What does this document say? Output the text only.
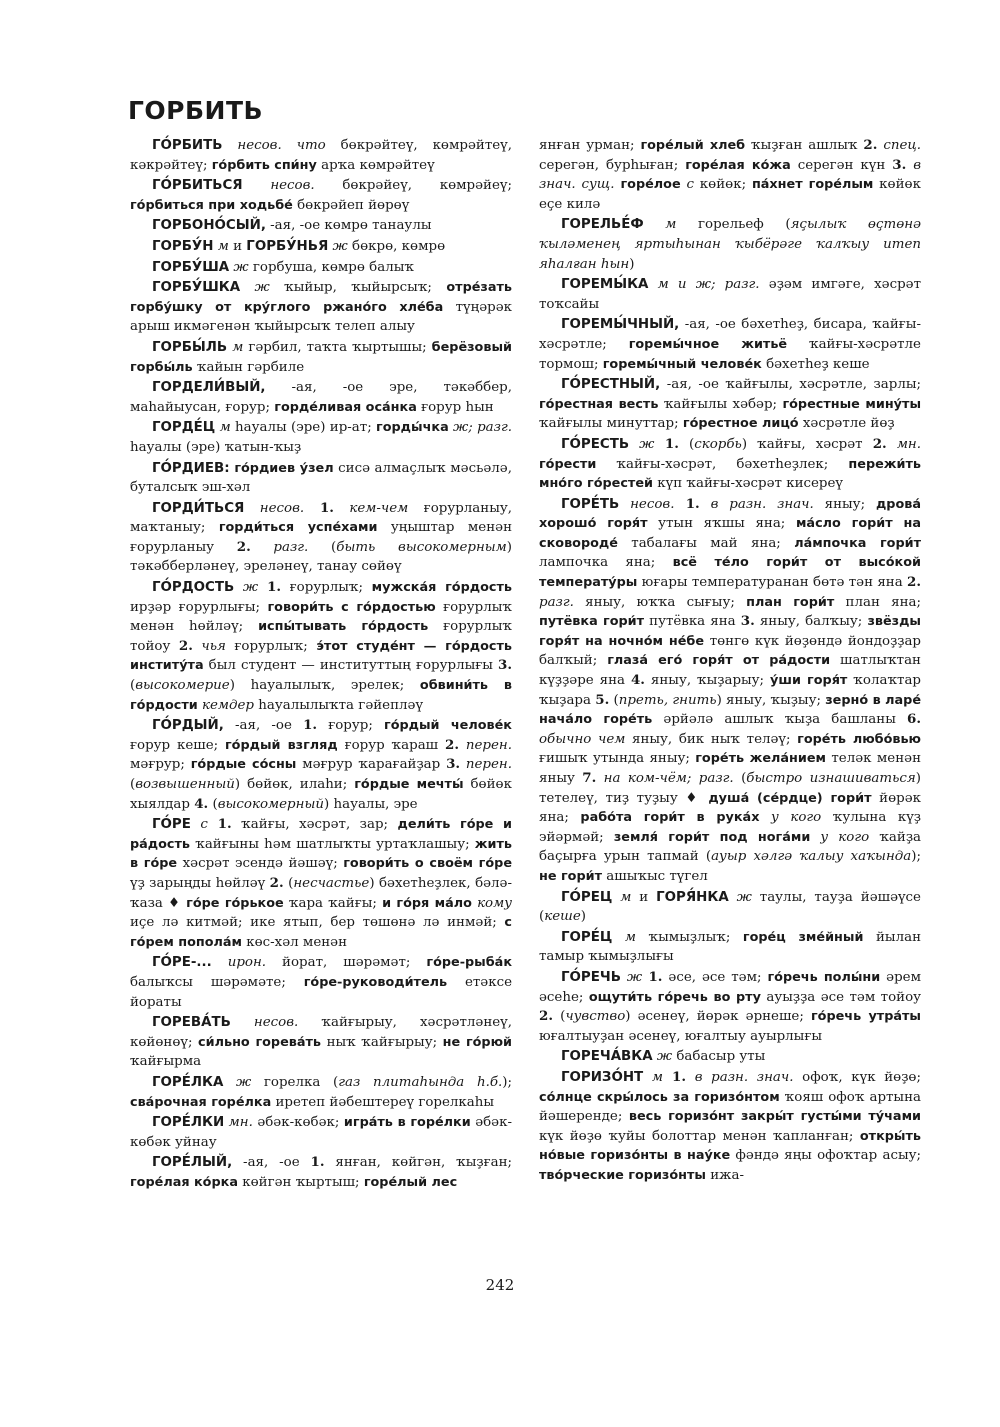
ГОРБИТЬ

ГО́РБИТЬ несов. что бөкрәйтеү, көмрәйтеү, кәкрәйтеү; го́рбить спи́ну арҡа көмрәйтеү

ГО́РБИТЬСЯ несов. бөкрәйеү, көмрәйеү; го́рбиться при ходьбе́ бөкрәйеп йөрөү

ГОРБОНО́СЫЙ, -ая, -ое көмрө танаулы

ГОРБУ́Н м и ГОРБУ́НЬЯ ж бөкрө, көмрө

ГОРБУ́ША ж горбуша, көмрө балыҡ

ГОРБУ́ШКА ж ҡыйыр, ҡыйырсыҡ; отре́зать горбу́шку от кру́глого ржано́го хле́ба түңәрәк арыш икмәгенән ҡыйырсыҡ телеп алыу

ГОРБЫ́ЛЬ м гәрбил, таҡта ҡыртышы; берёзовый горбы́ль ҡайын гәрбиле

ГОРДЕЛИ́ВЫЙ, -ая, -ое эре, тәкәббер, маһайыусан, ғорур; горде́ливая оса́нка ғорур һын

ГОРДЕ́Ц м һауалы (эре) ир-ат; горды́чка ж; разг. һауалы (эре) ҡатын-ҡыҙ

ГО́РДИЕВ: го́рдиев у́зел сисә алмаҫлыҡ мәсьәлә, буталсыҡ эш-хәл

ГОРДИ́ТЬСЯ несов. 1. кем-чем ғорурланыу, маҡтаныу; горди́ться успе́хами уңыштар менән ғорурланыу 2. разг. (быть высокомерным) тәкәбберләнеү, эреләнеү, танау сөйөү

ГО́РДОСТЬ ж 1. ғорурлыҡ; мужска́я го́рдость ирҙәр ғорурлығы; говори́ть с го́рдостью ғорурлыҡ менән һөйләү; испы́тывать го́рдость ғорурлыҡ тойоу 2. чья ғорурлыҡ; э́тот студе́нт — го́рдость институ́та был студент — институттың ғорурлығы 3. (высокомерие) һауалылыҡ, эрелек; обвини́ть в го́рдости кемдер һауалылыҡта гәйепләү

ГО́РДЫЙ, -ая, -ое 1. ғорур; го́рдый челове́к ғорур кеше; го́рдый взгляд ғорур ҡараш 2. перен. мәғрур; го́рдые со́сны мәғрур ҡарағайҙар 3. перен. (возвышенный) бөйөк, илаһи; го́рдые мечты́ бөйөк хыялдар 4. (высокомерный) һауалы, эре

ГО́РЕ с 1. ҡайғы, хәсрәт, зар; дели́ть го́ре и ра́дость ҡайғыны һәм шатлыҡты уртаҡлашыу; жить в го́ре хәсрәт эсендә йәшәү; говори́ть о своём го́ре үҙ зарыңды һөйләү 2. (несчастье) бәхетһеҙлек, бәлә-ҡаза ♦ го́ре го́рькое ҡара ҡайғы; и го́ря ма́ло кому иҫе лә китмәй; ике ятып, бер төшөнә лә инмәй; с го́рем попола́м көс-хәл менән

ГО́РЕ-... ирон. йорат, шәрәмәт; го́ре-рыба́к балыҡсы шәрәмәте; го́ре-руководи́тель етәксе йораты

ГОРЕВА́ТЬ несов. ҡайғырыу, хәсрәтләнеү, көйөнөү; си́льно горева́ть ныҡ ҡайғырыу; не го́рюй ҡайғырма

ГОРЕ́ЛКА ж горелка (газ плитаһында һ.б.); сва́рочная горе́лка иретеп йәбештереү горелкаһы

ГОРЕ́ЛКИ мн. әбәк-көбәк; игра́ть в горе́лки әбәк-көбәк уйнау

ГОРЕ́ЛЫЙ, -ая, -ое 1. янған, көйгән, ҡыҙған; горе́лая ко́рка көйгән ҡыртыш; горе́лый лес

янған урман; горе́лый хлеб ҡыҙған ашлыҡ 2. спец. серегән, бурһыған; горе́лая ко́жа серегән күн 3. в знач. сущ. горе́лое с көйөк; па́хнет горе́лым көйөк еҫе килә

ГОРЕЛЬЕ́Ф м горельеф (яҫылыҡ өҫтөнә ҡыләменең яртыһынан ҡыбёрәге ҡалҡыу итеп яһалған һын)

ГОРЕМЫ́КА м и ж; разг. әҙәм имгәге, хәсрәт тоҡсайы

ГОРЕМЫ́ЧНЫЙ, -ая, -ое бәхетһеҙ, бисара, ҡайғы-хәсрәтле; горемы́чное житьё ҡайғы-хәсрәтле тормош; горемы́чный челове́к бәхетһеҙ кеше

ГО́РЕСТНЫЙ, -ая, -ое ҡайғылы, хәсрәтле, зарлы; го́рестная весть ҡайғылы хәбәр; го́рестные мину́ты ҡайғылы минуттар; го́рестное лицо́ хәсрәтле йөҙ

ГО́РЕСТЬ ж 1. (скорбь) ҡайғы, хәсрәт 2. мн. го́рести ҡайғы-хәсрәт, бәхетһеҙлек; пережи́ть мно́го го́рестей күп ҡайғы-хәсрәт кисереү

ГОРЕ́ТЬ несов. 1. в разн. знач. яныу; дрова́ хорошо́ горя́т утын яҡшы яна; ма́сло гори́т на сковороде́ табалағы май яна; ла́мпочка гори́т лампочка яна; всё те́ло гори́т от высо́кой температу́ры юғары температуранан бөтә тән яна 2. разг. яныу, юҡҡа сығыу; план гори́т план яна; путёвка гори́т путёвка яна 3. яныу, балҡыу; звёзды горя́т на ночно́м не́бе төнгө күк йөҙөндә йондоҙҙар балҡый; глаза́ его́ горя́т от ра́дости шатлыҡтан күҙҙәре яна 4. яныу, ҡыҙарыу; у́ши горя́т ҡолаҡтар ҡыҙара 5. (преть, гнить) яныу, ҡыҙыу; зерно́ в ларе́ нача́ло горе́ть әрйәлә ашлыҡ ҡыҙа башланы 6. обычно чем яныу, бик ныҡ теләү; горе́ть любо́вью ғишыҡ утында яныу; горе́ть жела́нием теләк менән яныу 7. на ком-чём; разг. (быстро изнашиваться) тетелеү, тиҙ туҙыу ♦ душа́ (се́рдце) гори́т йөрәк яна; рабо́та гори́т в рука́х у кого ҡулына күҙ эйәрмәй; земля́ гори́т под нога́ми у кого ҡайҙа баҫырға урын тапмай (ауыр хәлгә ҡалыу хаҡында); не гори́т ашыҡыс түгел

ГО́РЕЦ м и ГОРЯ́НКА ж таулы, тауҙа йәшәүсе (кеше)

ГОРЕ́Ц м ҡымыҙлыҡ; горе́ц зме́йный йылан тамыр ҡымыҙлығы

ГО́РЕЧЬ ж 1. әсе, әсе тәм; го́речь полы́ни әрем әсеhе; ощути́ть го́речь во рту ауыҙҙа әсе тәм тойоу 2. (чувство) әсенеү, йөрәк әрнеше; го́речь утра́ты юғалтыуҙан әсенеү, юғалтыу ауырлығы

ГОРЕЧА́ВКА ж бабасыр уты

ГОРИЗО́НТ м 1. в разн. знач. офоҡ, күк йөҙө; со́лнце скры́лось за горизо́нтом ҡояш офоҡ артына йәшеренде; весь горизо́нт закры́т густы́ми ту́чами күк йөҙө ҡуйы болоттар менән ҡапланған; откры́ть но́вые горизо́нты в нау́ке фәндә яңы офоҡтар асыу; тво́рческие горизо́нты ижа-

242
